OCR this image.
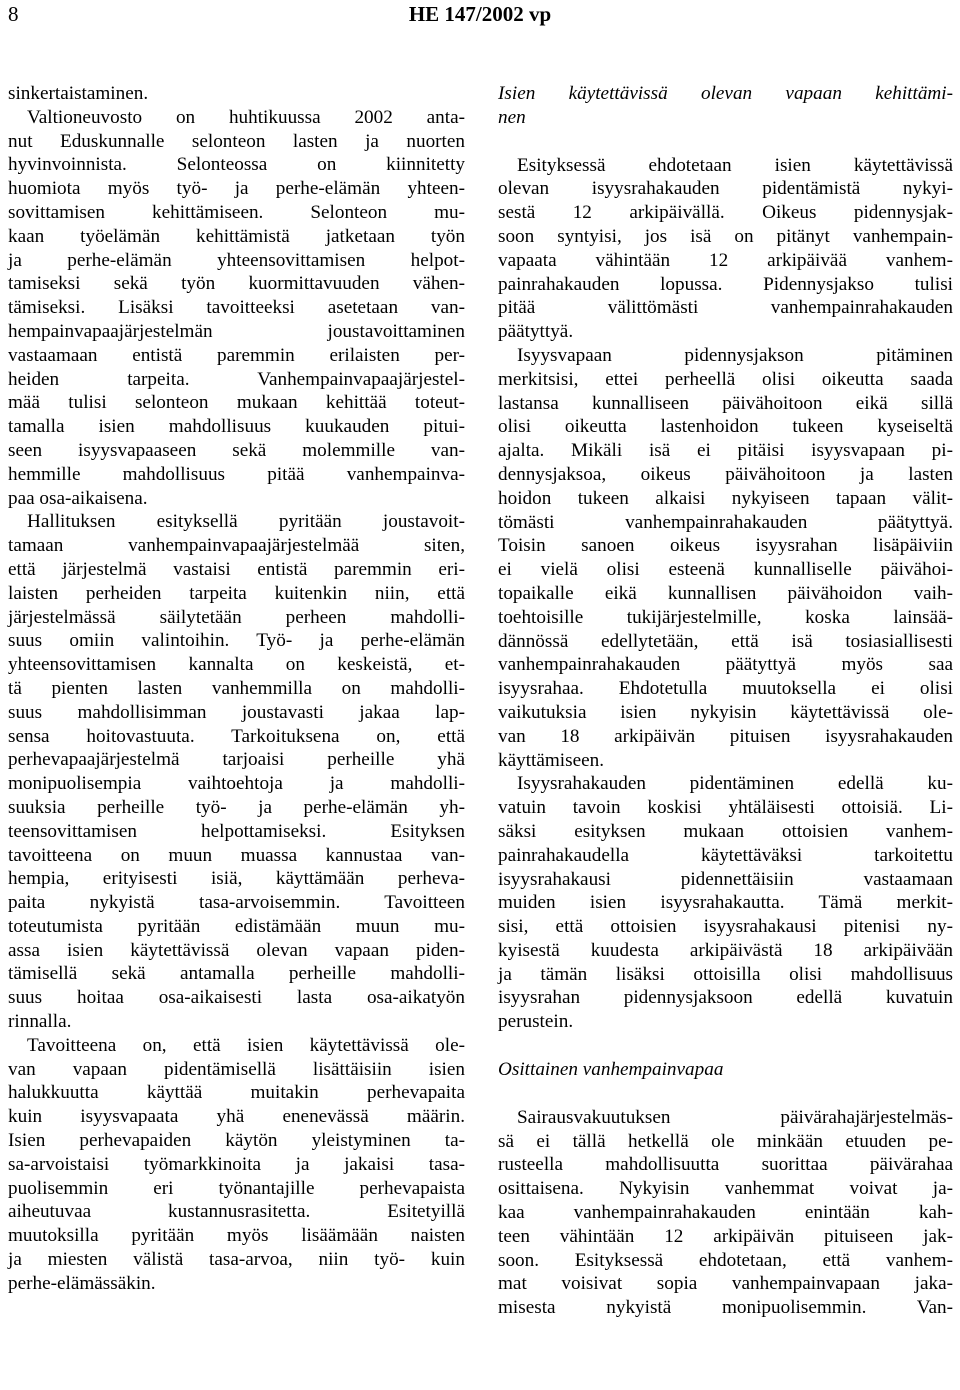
8	HE 147/2002 vp
sinkertaistaminen.
Valtioneuvosto on huhtikuussa 2002 anta-
nut Eduskunnalle selonteon lasten ja nuorten
hyvinvoinnista. Selonteossa on kiinnitetty
huomiota myös työ- ja perhe-elämän yhteen-
sovittamisen kehittämiseen. Selonteon mu-
kaan työelämän kehittämistä jatketaan työn
ja perhe-elämän yhteensovittamisen helpot-
tamiseksi sekä työn kuormittavuuden vähen-
tämiseksi. Lisäksi tavoitteeksi asetetaan van-
hempainvapaajärjestelmän joustavoittaminen
vastaamaan entistä paremmin erilaisten per-
heiden tarpeita. Vanhempainvapaajärjestel-
mää tulisi selonteon mukaan kehittää toteut-
tamalla isien mahdollisuus kuukauden pitui-
seen isyysvapaaseen sekä molemmille van-
hemmille mahdollisuus pitää vanhempainva-
paa osa-aikaisena.
Hallituksen esityksellä pyritään joustavoit-
tamaan vanhempainvapaajärjestelmää siten,
että järjestelmä vastaisi entistä paremmin eri-
laisten perheiden tarpeita kuitenkin niin, että
järjestelmässä säilytetään perheen mahdolli-
suus omiin valintoihin. Työ- ja perhe-elämän
yhteensovittamisen kannalta on keskeistä, et-
tä pienten lasten vanhemmilla on mahdolli-
suus mahdollisimman joustavasti jakaa lap-
sensa hoitovastuuta. Tarkoituksena on, että
perhevapaajärjestelmä tarjoaisi perheille yhä
monipuolisempia vaihtoehtoja ja mahdolli-
suuksia perheille työ- ja perhe-elämän yh-
teensovittamisen helpottamiseksi. Esityksen
tavoitteena on muun muassa kannustaa van-
hempia, erityisesti isiä, käyttämään perheva-
paita nykyistä tasa-arvoisemmin. Tavoitteen
toteutumista pyritään edistämään muun mu-
assa isien käytettävissä olevan vapaan piden-
tämisellä sekä antamalla perheille mahdolli-
suus hoitaa osa-aikaisesti lasta osa-aikatyön
rinnalla.
Tavoitteena on, että isien käytettävissä ole-
van vapaan pidentämisellä lisättäisiin isien
halukkuutta käyttää muitakin perhevapaita
kuin isyysvapaata yhä enenevässä määrin.
Isien perhevapaiden käytön yleistyminen ta-
sa-arvoistaisi työmarkkinoita ja jakaisi tasa-
puolisemmin eri työnantajille perhevapaista
aiheutuvaa kustannusrasitetta. Esitetyillä
muutoksilla pyritään myös lisäämään naisten
ja miesten välistä tasa-arvoa, niin työ- kuin
perhe-elämässäkin.
Isien käytettävissä olevan vapaan kehittämi-
nen
Esityksessä ehdotetaan isien käytettävissä
olevan isyysrahakauden pidentämistä nykyi-
sestä 12 arkipäivällä. Oikeus pidennysjak-
soon syntyisi, jos isä on pitänyt vanhempain-
vapaata vähintään 12 arkipäivää vanhem-
painrahakauden lopussa. Pidennysjakso tulisi
pitää välittömästi vanhempainrahakauden
päätyttyä.
Isyysvapaan pidennysjakson pitäminen
merkitsisi, ettei perheellä olisi oikeutta saada
lastansa kunnalliseen päivähoitoon eikä sillä
olisi oikeutta lastenhoidon tukeen kyseiseltä
ajalta. Mikäli isä ei pitäisi isyysvapaan pi-
dennysjaksoa, oikeus päivähoitoon ja lasten
hoidon tukeen alkaisi nykyiseen tapaan välit-
tömästi vanhempainrahakauden päätyttyä.
Toisin sanoen oikeus isyysrahan lisäpäiviin
ei vielä olisi esteenä kunnalliselle päivähoi-
topaikalle eikä kunnallisen päivähoidon vaih-
toehtoisille tukijärjestelmille, koska lainsää-
dännössä edellytetään, että isä tosiasiallisesti
vanhempainrahakauden päätyttyä myös saa
isyysrahaa. Ehdotetulla muutoksella ei olisi
vaikutuksia isien nykyisin käytettävissä ole-
van 18 arkipäivän pituisen isyysrahakauden
käyttämiseen.
Isyysrahakauden pidentäminen edellä ku-
vatuin tavoin koskisi yhtäläisesti ottoisiä. Li-
säksi esityksen mukaan ottoisien vanhem-
painrahakaudella käytettäväksi tarkoitettu
isyysrahakausi pidennettäisiin vastaamaan
muiden isien isyysrahakautta. Tämä merkit-
sisi, että ottoisien isyysrahakausi pitenisi ny-
kyisestä kuudesta arkipäivästä 18 arkipäivään
ja tämän lisäksi ottoisilla olisi mahdollisuus
isyysrahan pidennysjaksoon edellä kuvatuin
perustein.
Osittainen vanhempainvapaa
Sairausvakuutuksen päivärahajärjestelmäs-
sä ei tällä hetkellä ole minkään etuuden pe-
rusteella mahdollisuutta suorittaa päivärahaa
osittaisena. Nykyisin vanhemmat voivat ja-
kaa vanhempainrahakauden enintään kah-
teen vähintään 12 arkipäivän pituiseen jak-
soon. Esityksessä ehdotetaan, että vanhem-
mat voisivat sopia vanhempainvapaan jaka-
misesta nykyistä monipuolisemmin. Van-
